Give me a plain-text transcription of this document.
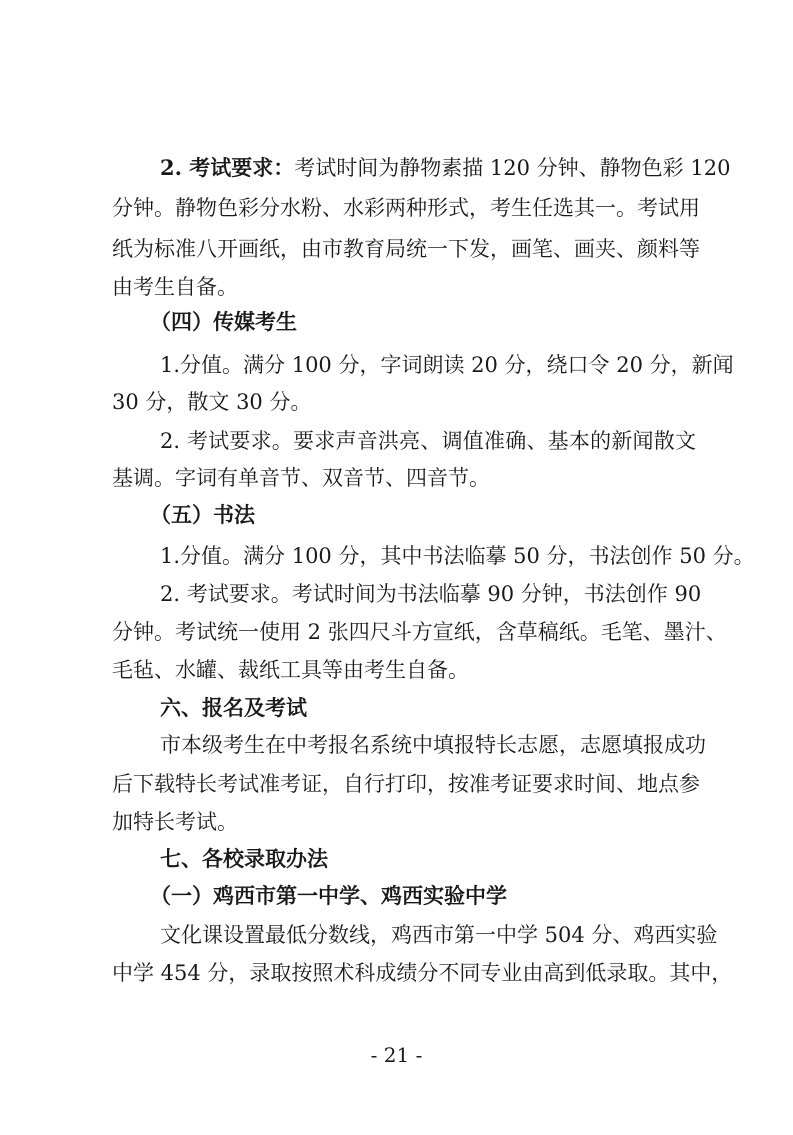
2. 考试要求：考试时间为静物素描 120 分钟、静物色彩 120
分钟。静物色彩分水粉、水彩两种形式，考生任选其一。考试用
纸为标准八开画纸，由市教育局统一下发，画笔、画夹、颜料等
由考生自备。
（四）传媒考生
1.分值。满分 100 分，字词朗读 20 分，绕口令 20 分，新闻
30 分，散文 30 分。
2. 考试要求。要求声音洪亮、调值准确、基本的新闻散文
基调。字词有单音节、双音节、四音节。
（五）书法
1.分值。满分 100 分，其中书法临摹 50 分，书法创作 50 分。
2. 考试要求。考试时间为书法临摹 90 分钟，书法创作 90
分钟。考试统一使用 2 张四尺斗方宣纸，含草稿纸。毛笔、墨汁、
毛毡、水罐、裁纸工具等由考生自备。
六、报名及考试
市本级考生在中考报名系统中填报特长志愿，志愿填报成功
后下载特长考试准考证，自行打印，按准考证要求时间、地点参
加特长考试。
七、各校录取办法
（一）鸡西市第一中学、鸡西实验中学
文化课设置最低分数线，鸡西市第一中学 504 分、鸡西实验
中学 454 分，录取按照术科成绩分不同专业由高到低录取。其中，
- 21 -
